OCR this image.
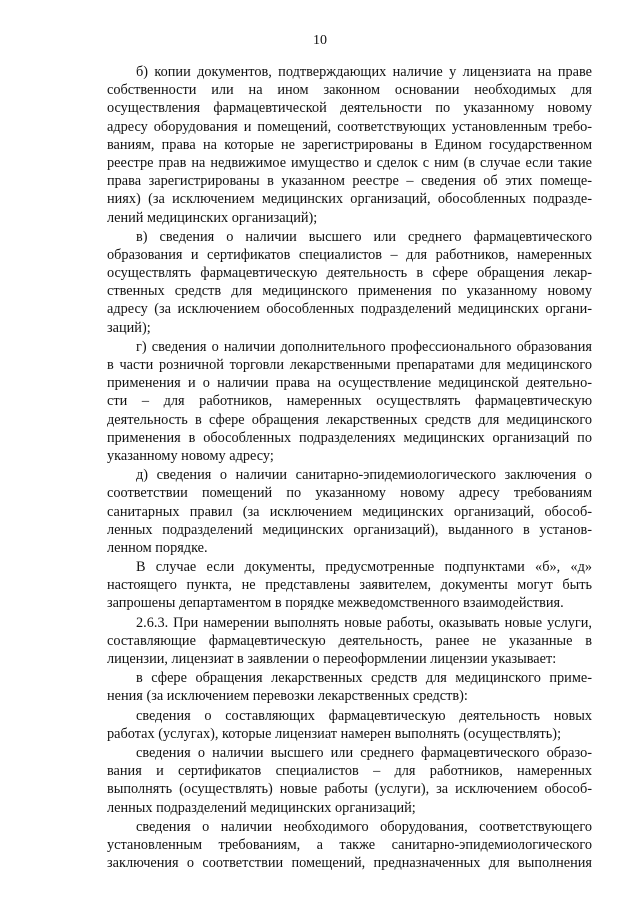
10
б) копии документов, подтверждающих наличие у лицензиата на праве
собственности или на ином законном основании необходимых для
осуществления фармацевтической деятельности по указанному новому
адресу оборудования и помещений, соответствующих установленным требо-
ваниям, права на которые не зарегистрированы в Едином государственном
реестре прав на недвижимое имущество и сделок с ним (в случае если такие
права зарегистрированы в указанном реестре – сведения об этих помеще-
ниях) (за исключением медицинских организаций, обособленных подразде-
лений медицинских организаций);
в) сведения о наличии высшего или среднего фармацевтического
образования и сертификатов специалистов – для работников, намеренных
осуществлять фармацевтическую деятельность в сфере обращения лекар-
ственных средств для медицинского применения по указанному новому
адресу (за исключением обособленных подразделений медицинских органи-
заций);
г) сведения о наличии дополнительного профессионального образования
в части розничной торговли лекарственными препаратами для медицинского
применения и о наличии права на осуществление медицинской деятельно-
сти – для работников, намеренных осуществлять фармацевтическую
деятельность в сфере обращения лекарственных средств для медицинского
применения в обособленных подразделениях медицинских организаций по
указанному новому адресу;
д) сведения о наличии санитарно-эпидемиологического заключения о
соответствии помещений по указанному новому адресу требованиям
санитарных правил (за исключением медицинских организаций, обособ-
ленных подразделений медицинских организаций), выданного в установ-
ленном порядке.
В случае если документы, предусмотренные подпунктами «б», «д»
настоящего пункта, не представлены заявителем, документы могут быть
запрошены департаментом в порядке межведомственного взаимодействия.
2.6.3. При намерении выполнять новые работы, оказывать новые услуги,
составляющие фармацевтическую деятельность, ранее не указанные в
лицензии, лицензиат в заявлении о переоформлении лицензии указывает:
в сфере обращения лекарственных средств для медицинского приме-
нения (за исключением перевозки лекарственных средств):
сведения о составляющих фармацевтическую деятельность новых
работах (услугах), которые лицензиат намерен выполнять (осуществлять);
сведения о наличии высшего или среднего фармацевтического образо-
вания и сертификатов специалистов – для работников, намеренных
выполнять (осуществлять) новые работы (услуги), за исключением обособ-
ленных подразделений медицинских организаций;
сведения о наличии необходимого оборудования, соответствующего
установленным требованиям, а также санитарно-эпидемиологического
заключения о соответствии помещений, предназначенных для выполнения
